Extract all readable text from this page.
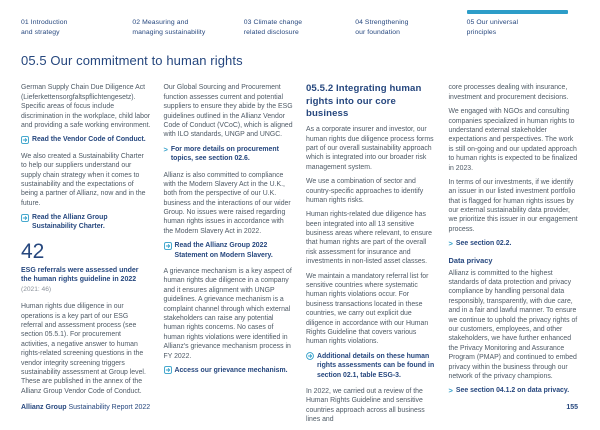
01 Introduction
and strategy
02 Measuring and
managing sustainability
03 Climate change
related disclosure
04 Strengthening
our foundation
05 Our universal
principles
05.5 Our commitment to human rights

German Supply Chain Due Diligence Act (Lieferkettensorgfaltspflichtengesetz). Specific areas of focus include discrimination in the workplace, child labor and providing a safe working environment.

Read the Vendor Code of Conduct.

We also created a Sustainability Charter to help our suppliers understand our supply chain strategy when it comes to sustainability and the expectations of being a partner of Allianz, now and in the future.

Read the Allianz Group Sustainability Charter.
42
ESG referrals were assessed under the human rights guideline in 2022
(2021: 46)

Human rights due diligence in our operations is a key part of our ESG referral and assessment process (see section 05.5.1). For procurement activities, a negative answer to human rights-related screening questions in the vendor integrity screening triggers sustainability assessment at Group level. These are published in the annex of the Allianz Group Vendor Code of Conduct.

Our Global Sourcing and Procurement function assesses current and potential suppliers to ensure they abide by the ESG guidelines outlined in the Allianz Vendor Code of Conduct (VCoC), which is aligned with ILO standards, UNGP and UNGC.

> For more details on procurement topics, see section 02.6.

Allianz is also committed to compliance with the Modern Slavery Act in the U.K., both from the perspective of our U.K. business and the interactions of our wider Group. No issues were raised regarding human rights issues in accordance with the Modern Slavery Act in 2022.

Read the Allianz Group 2022 Statement on Modern Slavery.

A grievance mechanism is a key aspect of human rights due diligence in a company and it ensures alignment with UNGP guidelines. A grievance mechanism is a complaint channel through which external stakeholders can raise any potential human rights concerns. No cases of human rights violations were identified in Allianz's grievance mechanism process in FY 2022.

Access our grievance mechanism.
05.5.2 Integrating human rights into our core business

As a corporate insurer and investor, our human rights due diligence process forms part of our overall sustainability approach which is integrated into our broader risk management system.

We use a combination of sector and country-specific approaches to identify human rights risks.

Human rights-related due diligence has been integrated into all 13 sensitive business areas where relevant, to ensure that human rights are part of the overall risk assessment for insurance and investments in non-listed asset classes.

We maintain a mandatory referral list for sensitive countries where systematic human rights violations occur. For business transactions located in these countries, we carry out explicit due diligence in accordance with our Human Rights Guideline that covers various human rights violations.

Additional details on these human rights assessments can be found in section 02.1, table ESG-3.

In 2022, we carried out a review of the Human Rights Guideline and sensitive countries approach across all business lines and

core processes dealing with insurance, investment and procurement decisions.

We engaged with NGOs and consulting companies specialized in human rights to understand external stakeholder expectations and perspectives. The work is still on-going and our updated approach to human rights is expected to be finalized in 2023.

In terms of our investments, if we identify an issuer in our listed investment portfolio that is flagged for human rights issues by our external sustainability data provider, we prioritize this issuer in our engagement process.

> See section 02.2.
Data privacy

Allianz is committed to the highest standards of data protection and privacy compliance by handling personal data responsibly, transparently, with due care, and in a fair and lawful manner. To ensure we continue to uphold the privacy rights of our customers, employees, and other stakeholders, we have further enhanced the Privacy Monitoring and Assurance Program (PMAP) and continued to embed privacy within the business through our network of the privacy champions.

> See section 04.1.2 on data privacy.
Allianz Group Sustainability Report 2022	155
